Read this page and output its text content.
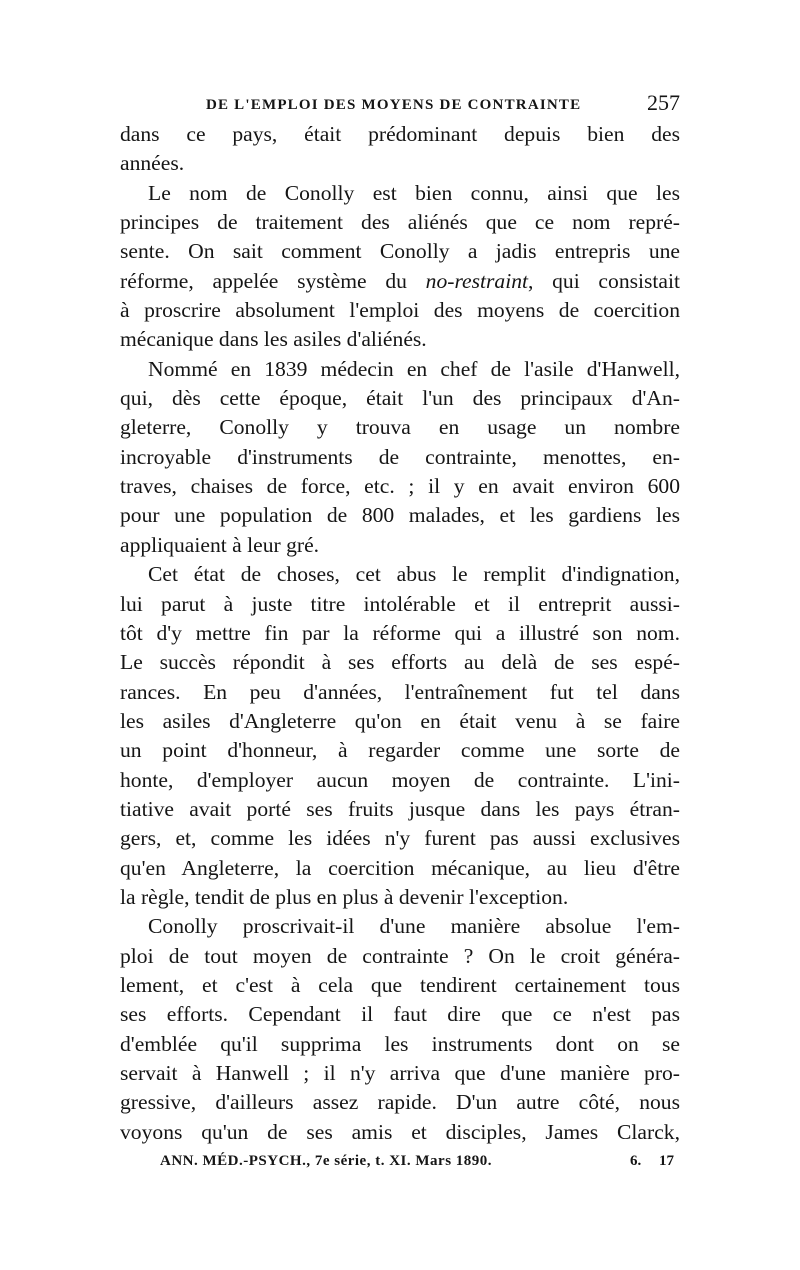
DE L'EMPLOI DES MOYENS DE CONTRAINTE	257
dans ce pays, était prédominant depuis bien des
années.
Le nom de Conolly est bien connu, ainsi que les
principes de traitement des aliénés que ce nom repré-
sente. On sait comment Conolly a jadis entrepris une
réforme, appelée système du no-restraint, qui consistait
à proscrire absolument l'emploi des moyens de coercition
mécanique dans les asiles d'aliénés.
Nommé en 1839 médecin en chef de l'asile d'Hanwell,
qui, dès cette époque, était l'un des principaux d'An-
gleterre, Conolly y trouva en usage un nombre
incroyable d'instruments de contrainte, menottes, en-
traves, chaises de force, etc. ; il y en avait environ 600
pour une population de 800 malades, et les gardiens les
appliquaient à leur gré.
Cet état de choses, cet abus le remplit d'indignation,
lui parut à juste titre intolérable et il entreprit aussi-
tôt d'y mettre fin par la réforme qui a illustré son nom.
Le succès répondit à ses efforts au delà de ses espé-
rances. En peu d'années, l'entraînement fut tel dans
les asiles d'Angleterre qu'on en était venu à se faire
un point d'honneur, à regarder comme une sorte de
honte, d'employer aucun moyen de contrainte. L'ini-
tiative avait porté ses fruits jusque dans les pays étran-
gers, et, comme les idées n'y furent pas aussi exclusives
qu'en Angleterre, la coercition mécanique, au lieu d'être
la règle, tendit de plus en plus à devenir l'exception.
Conolly proscrivait-il d'une manière absolue l'em-
ploi de tout moyen de contrainte ? On le croit généra-
lement, et c'est à cela que tendirent certainement tous
ses efforts. Cependant il faut dire que ce n'est pas
d'emblée qu'il supprima les instruments dont on se
servait à Hanwell ; il n'y arriva que d'une manière pro-
gressive, d'ailleurs assez rapide. D'un autre côté, nous
voyons qu'un de ses amis et disciples, James Clarck,
ANN. MÉD.-PSYCH., 7e série, t. XI. Mars 1890.	6. 17
